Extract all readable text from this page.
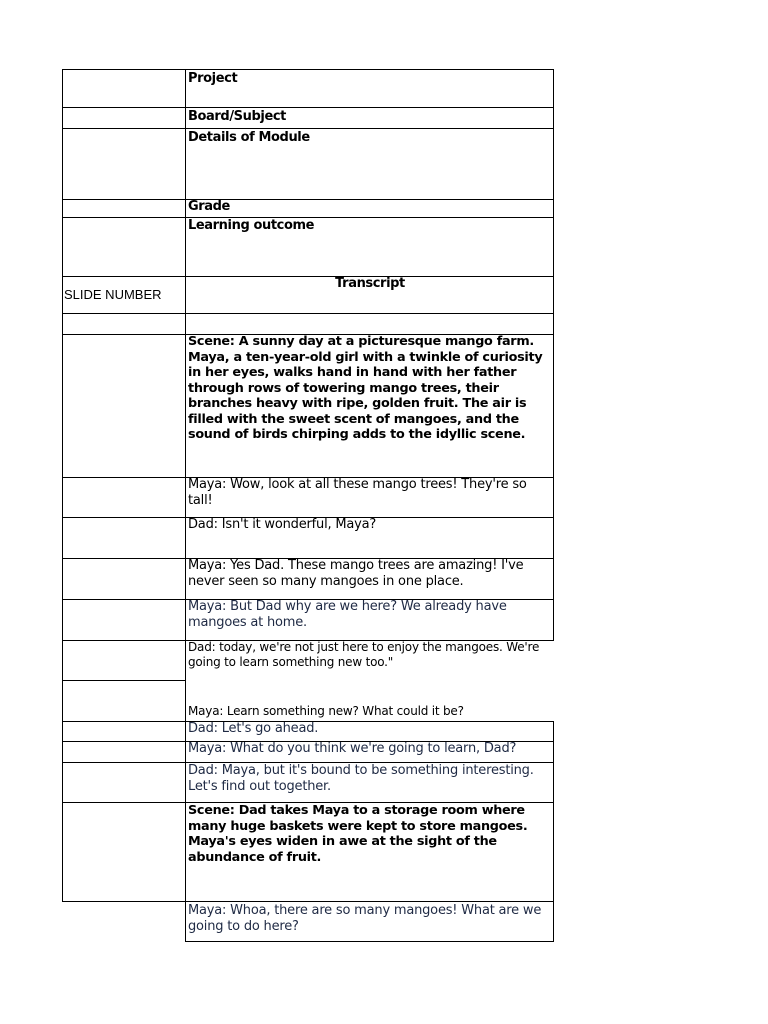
Project
Board/Subject
Details of Module
Grade
Learning outcome
SLIDE NUMBER
Transcript
Scene: A sunny day at a picturesque mango farm. Maya, a ten-year-old girl with a twinkle of curiosity in her eyes, walks hand in hand with her father through rows of towering mango trees, their branches heavy with ripe, golden fruit. The air is filled with the sweet scent of mangoes, and the sound of birds chirping adds to the idyllic scene.
Maya: Wow, look at all these mango trees! They're so tall!
Dad: Isn't it wonderful, Maya?
Maya: Yes Dad. These mango trees are amazing! I've never seen so many mangoes in one place.
Maya: But Dad why are we here? We already have mangoes at home.
Dad: today, we're not just here to enjoy the mangoes. We're going to learn something new too."
Maya: Learn something new? What could it be?
Dad: Let's go ahead.
Maya: What do you think we're going to learn, Dad?
Dad: Maya, but it's bound to be something interesting. Let's find out together.
Scene: Dad takes Maya to a storage room where many huge baskets were kept to store mangoes. Maya's eyes widen in awe at the sight of the abundance of fruit.
Maya: Whoa, there are so many mangoes! What are we going to do here?
